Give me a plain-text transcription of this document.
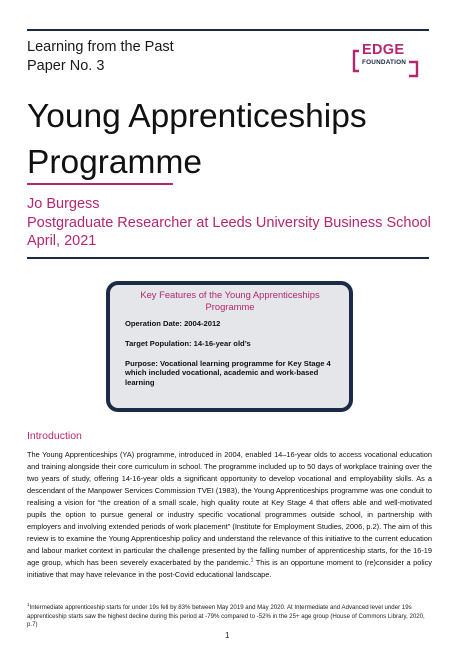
Learning from the Past
Paper No. 3
EDGE
FOUNDATION
Young Apprenticeships
Programme
Jo Burgess
Postgraduate Researcher at Leeds University Business School
April, 2021
Key Features of the Young Apprenticeships
Programme
Operation Date: 2004-2012
Target Population: 14-16-year old’s
Purpose: Vocational learning programme for Key Stage 4 which included vocational, academic and work-based learning
Introduction
The Young Apprenticeships (YA) programme, introduced in 2004, enabled 14–16-year olds to access vocational education and training alongside their core curriculum in school. The programme included up to 50 days of workplace training over the two years of study, offering 14-16-year olds a significant opportunity to develop vocational and employability skills. As a descendant of the Manpower Services Commission TVEI (1983), the Young Apprenticeships programme was one conduit to realising a vision for “the creation of a small scale, high quality route at Key Stage 4 that offers able and well-motivated pupils the option to pursue general or industry specific vocational programmes outside school, in partnership with employers and involving extended periods of work placement” (Institute for Employment Studies, 2006, p.2). The aim of this review is to examine the Young Apprenticeship policy and understand the relevance of this initiative to the current education and labour market context in particular the challenge presented by the falling number of apprenticeship starts, for the 16-19 age group, which has been severely exacerbated by the pandemic.$^1$ This is an opportune moment to (re)consider a policy initiative that may have relevance in the post-Covid educational landscape.
$^1$Intermediate apprenticeship starts for under 19s fell by 83% between May 2019 and May 2020. At Intermediate and Advanced level under 19s apprenticeship starts saw the highest decline during this period at -79% compared to -52% in the 25+ age group (House of Commons Library, 2020, p.7)
1
